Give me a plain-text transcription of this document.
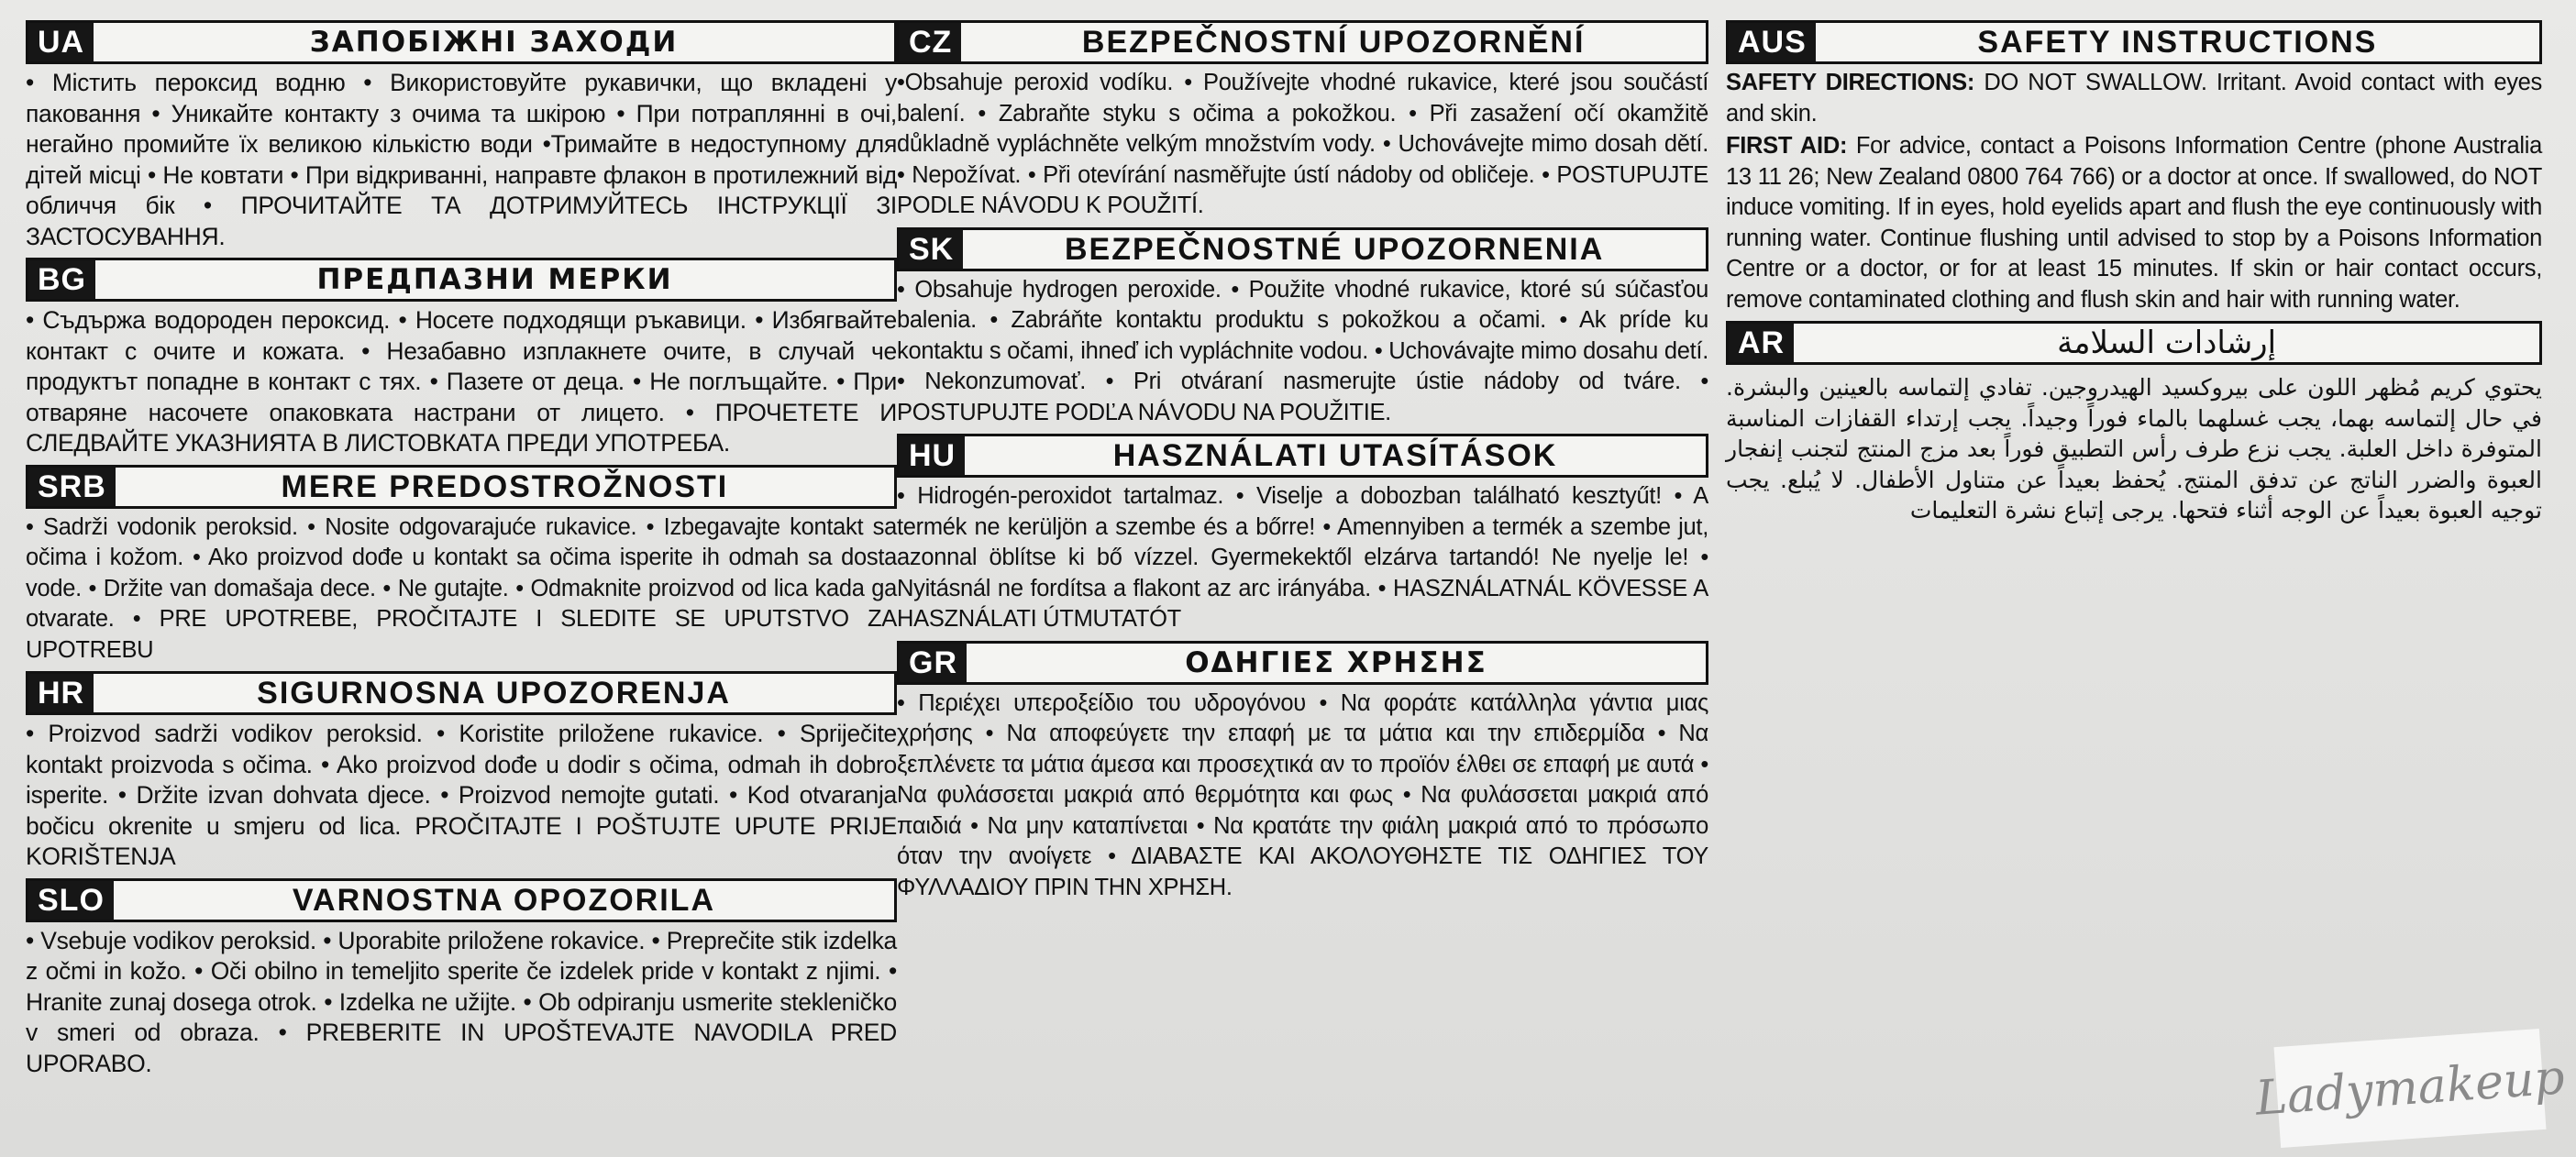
UA	ЗАПОБІЖНІ ЗАХОДИ
• Містить пероксид водню • Використовуйте рукавички, що вкладені у паковання • Уникайте контакту з очима та шкірою • При потраплянні в очі, негайно промийте їх великою кількістю води •Тримайте в недоступному для дітей місці • Не ковтати • При відкриванні, направте флакон в протилежний від обличчя бік • ПРОЧИТАЙТЕ ТА ДОТРИМУЙТЕСЬ ІНСТРУКЦІЇ ЗІ ЗАСТОСУВАННЯ.
BG	ПРЕДПАЗНИ МЕРКИ
• Съдържа водороден пероксид. • Носете подходящи ръкавици. • Избягвайте контакт с очите и кожата. • Незабавно изплакнете очите, в случай че продуктът попадне в контакт с тях. • Пазете от деца. • Не поглъщайте. • При отваряне насочете опаковката настрани от лицето. • ПРОЧЕТЕТЕ И СЛЕДВАЙТЕ УКАЗНИЯТА В ЛИСТОВКАТА ПРЕДИ УПОТРЕБА.
SRB	MERE PREDOSTROŽNOSTI
• Sadrži vodonik peroksid. • Nosite odgovarajuće rukavice. • Izbegavajte kontakt sa očima i kožom. • Ako proizvod dođe u kontakt sa očima isperite ih odmah sa dosta vode. • Držite van domašaja dece. • Ne gutajte. • Odmaknite proizvod od lica kada ga otvarate. • PRE UPOTREBE, PROČITAJTE I SLEDITE SE UPUTSTVO ZA UPOTREBU
HR	SIGURNOSNA UPOZORENJA
• Proizvod sadrži vodikov peroksid. • Koristite priložene rukavice. • Spriječite kontakt proizvoda s očima. • Ako proizvod dođe u dodir s očima, odmah ih dobro isperite. • Držite izvan dohvata djece. • Proizvod nemojte gutati. • Kod otvaranja bočicu okrenite u smjeru od lica. PROČITAJTE I POŠTUJTE UPUTE PRIJE KORIŠTENJA
SLO	VARNOSTNA OPOZORILA
• Vsebuje vodikov peroksid. • Uporabite priložene rokavice. • Preprečite stik izdelka z očmi in kožo. • Oči obilno in temeljito sperite če izdelek pride v kontakt z njimi. • Hranite zunaj dosega otrok. • Izdelka ne užijte. • Ob odpiranju usmerite stekleničko v smeri od obraza. • PREBERITE IN UPOŠTEVAJTE NAVODILA PRED UPORABO.
CZ	BEZPEČNOSTNÍ UPOZORNĚNÍ
•Obsahuje peroxid vodíku. • Používejte vhodné rukavice, které jsou součástí balení. • Zabraňte styku s očima a pokožkou. • Při zasažení očí okamžitě důkladně vypláchněte velkým množstvím vody. • Uchovávejte mimo dosah dětí. • Nepožívat. • Při otevírání nasměřujte ústí nádoby od obličeje. • POSTUPUJTE PODLE NÁVODU K POUŽITÍ.
SK	BEZPEČNOSTNÉ UPOZORNENIA
• Obsahuje hydrogen peroxide. • Použite vhodné rukavice, ktoré sú súčasťou balenia. • Zabráňte kontaktu produktu s pokožkou a očami. • Ak príde ku kontaktu s očami, ihneď ich vypláchnite vodou. • Uchovávajte mimo dosahu detí. • Nekonzumovať. • Pri otváraní nasmerujte ústie nádoby od tváre. • POSTUPUJTE PODĽA NÁVODU NA POUŽITIE.
HU	HASZNÁLATI UTASÍTÁSOK
• Hidrogén-peroxidot tartalmaz. • Viselje a dobozban található kesztyűt! • A termék ne kerüljön a szembe és a bőrre! • Amennyiben a termék a szembe jut, azonnal öblítse ki bő vízzel. Gyermekektől elzárva tartandó! Ne nyelje le! • Nyitásnál ne fordítsa a flakont az arc irányába. • HASZNÁLATNÁL KÖVESSE A HASZNÁLATI ÚTMUTATÓT
GR	ΟΔΗΓΙΕΣ ΧΡΗΣΗΣ
• Περιέχει υπεροξείδιο του υδρογόνου • Να φοράτε κατάλληλα γάντια μιας χρήσης • Να αποφεύγετε την επαφή με τα μάτια και την επιδερμίδα • Να ξεπλένετε τα μάτια άμεσα και προσεχτικά αν το προϊόν έλθει σε επαφή με αυτά • Να φυλάσσεται μακριά από θερμότητα και φως • Να φυλάσσεται μακριά από παιδιά • Να μην καταπίνεται • Να κρατάτε την φιάλη μακριά από το πρόσωπο όταν την ανοίγετε • ΔΙΑΒΑΣΤΕ ΚΑΙ ΑΚΟΛΟΥΘΗΣΤΕ ΤΙΣ ΟΔΗΓΙΕΣ ΤΟΥ ΦΥΛΛΑΔΙΟΥ ΠΡΙΝ ΤΗΝ ΧΡΗΣΗ.
AUS	SAFETY INSTRUCTIONS

SAFETY DIRECTIONS: DO NOT SWALLOW. Irritant. Avoid contact with eyes and skin.

FIRST AID: For advice, contact a Poisons Information Centre (phone Australia 13 11 26; New Zealand 0800 764 766) or a doctor at once. If swallowed, do NOT induce vomiting. If in eyes, hold eyelids apart and flush the eye continuously with running water. Continue flushing until advised to stop by a Poisons Information Centre or a doctor, or for at least 15 minutes. If skin or hair contact occurs, remove contaminated clothing and flush skin and hair with running water.

AR	إرشادات السلامة
يحتوي كريم مُظهر اللون على بيروكسيد الهيدروجين. تفادي إلتماسه بالعينين والبشرة. في حال إلتماسه بهما، يجب غسلهما بالماء فوراً وجيداً. يجب إرتداء القفازات المناسبة المتوفرة داخل العلبة. يجب نزع طرف رأس التطبيق فوراً بعد مزج المنتج لتجنب إنفجار العبوة والضرر الناتج عن تدفق المنتج. يُحفظ بعيداً عن متناول الأطفال. لا يُبلع. يجب توجيه العبوة بعيداً عن الوجه أثناء فتحها. يرجى إتباع نشرة التعليمات
Ladymakeup
